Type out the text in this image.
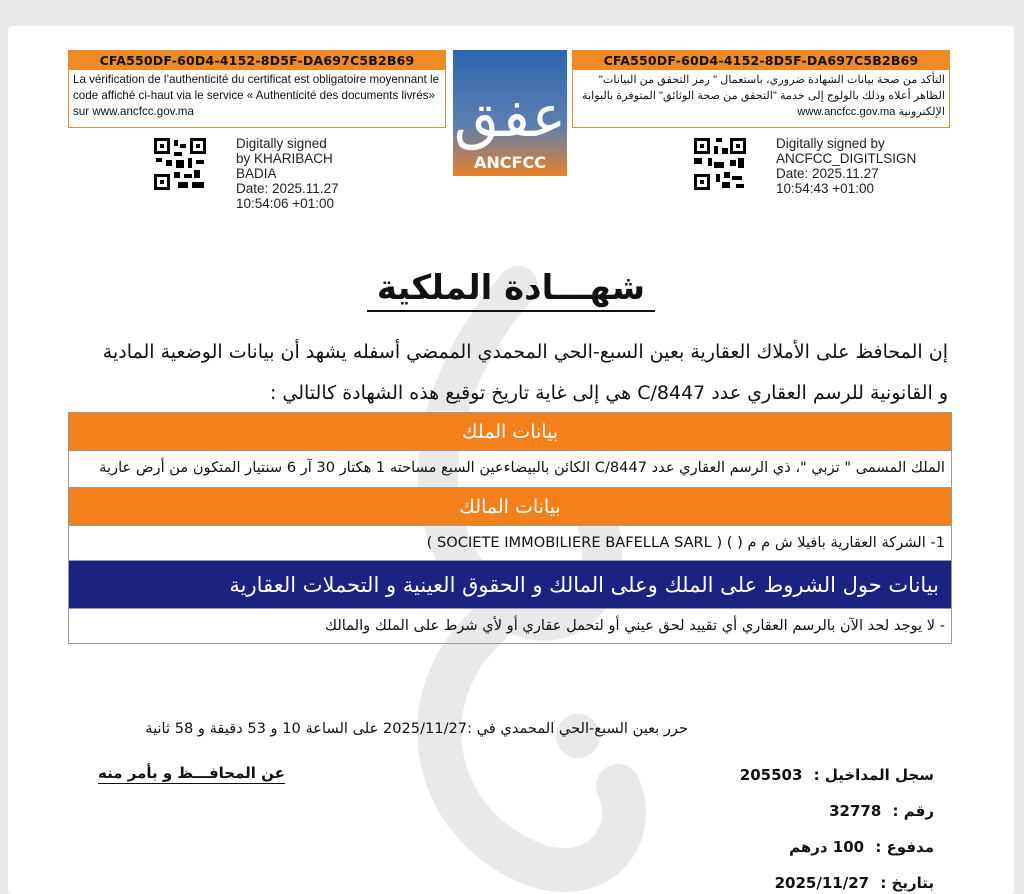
CFA550DF-60D4-4152-8D5F-DA697C5B2B69
La vérification de l’authenticité du certificat est obligatoire moyennant le code affiché ci-haut via le service « Authenticité des documents livrés» sur www.ancfcc.gov.ma	عفق
ANCFCC
CFA550DF-60D4-4152-8D5F-DA697C5B2B69
التأكد من صحة بيانات الشهادة ضروري، باستعمال " رمز التحقق من البيانات" الظاهر أعلاه وذلك بالولوج إلى خدمة "التحقق من صحة الوثائق" المتوفرة بالبوابة الإلكترونية www.ancfcc.gov.ma
Digitally signed
by KHARIBACH
BADIA
Date: 2025.11.27
10:54:06 +01:00
Digitally signed by
ANCFCC_DIGITLSIGN
Date: 2025.11.27
10:54:43 +01:00
شهـــادة الملكية
إن المحافظ على الأملاك العقارية بعين السبع-الحي المحمدي الممضي أسفله يشهد أن بيانات الوضعية المادية و القانونية للرسم العقاري عدد C/8447 هي إلى غاية تاريخ توقيع هذه الشهادة كالتالي :
بيانات الملك
الملك المسمى " تزبي "، ذي الرسم العقاري عدد C/8447 الكائن بالبيضاءعين السبع مساحته 1 هكتار 30 آر 6 سنتيار المتكون من أرض عارية
بيانات المالك
1- الشركة العقارية بافيلا ش م م ( ) ( SOCIETE IMMOBILIERE BAFELLA SARL )
بيانات حول الشروط على الملك وعلى المالك و الحقوق العينية و التحملات العقارية
- لا يوجد لحد الآن بالرسم العقاري أي تقييد لحق عيني أو لتحمل عقاري أو لأي شرط على الملك والمالك
حرر بعين السبع-الحي المحمدي في :2025/11/27 على الساعة 10 و 53 دقيقة و 58 ثانية
عن المحافـــظ و بأمر منه	سجل المداخيل : 205503
رقم : 32778
مدفوع : 100 درهم
بتاريخ : 2025/11/27
